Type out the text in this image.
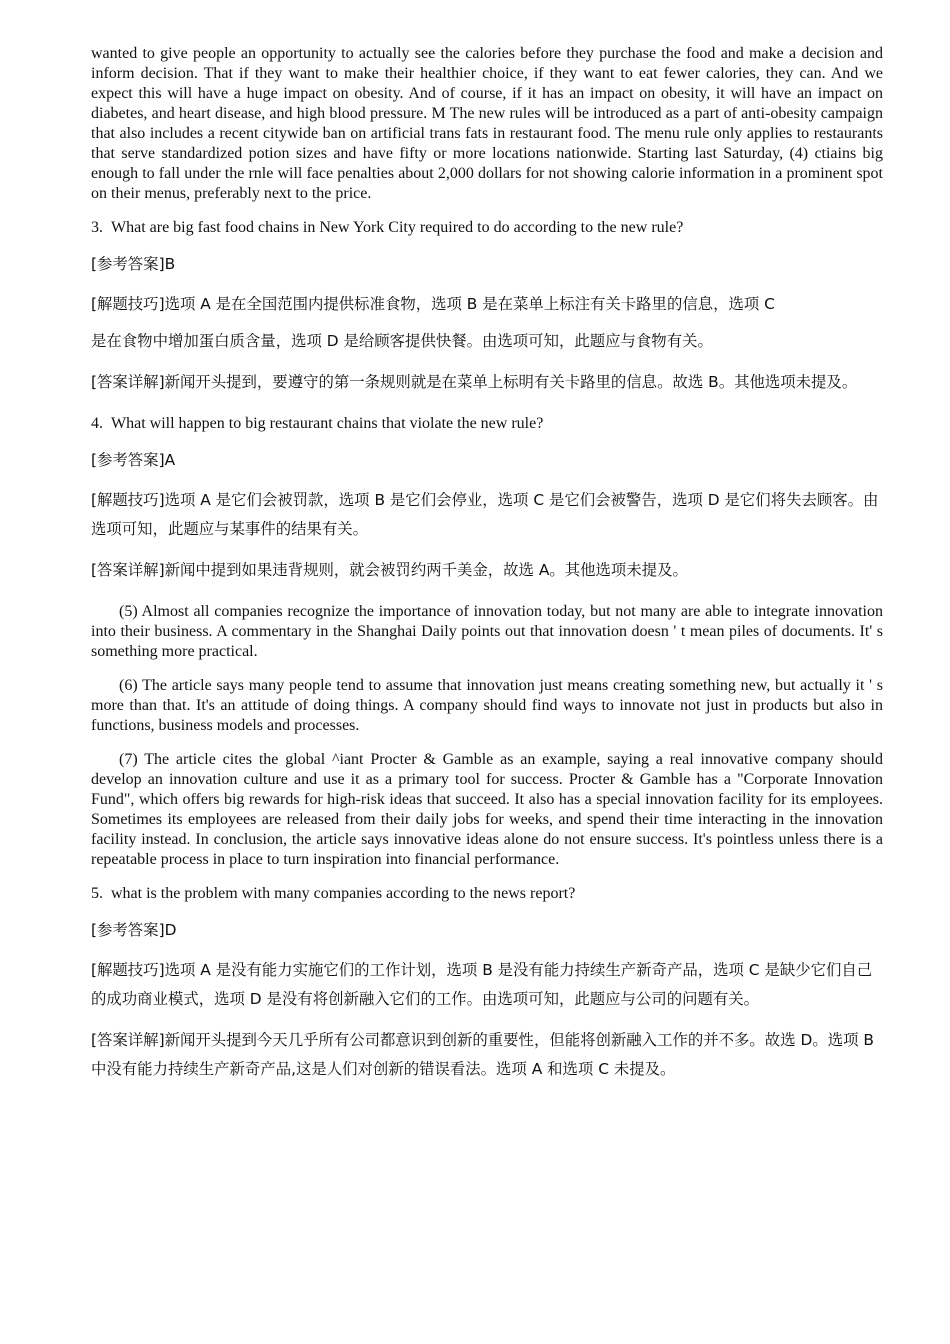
wanted to give people an opportunity to actually see the calories before they purchase the food and make a decision and inform decision. That if they want to make their healthier choice, if they want to eat fewer calories, they can. And we expect this will have a huge impact on obesity. And of course, if it has an impact on obesity, it will have an impact on diabetes, and heart disease, and high blood pressure. M The new rules will be introduced as a part of anti-obesity campaign that also includes a recent citywide ban on artificial trans fats in restaurant food. The menu rule only applies to restaurants that serve standardized potion sizes and have fifty or more locations nationwide. Starting last Saturday, (4) ctiains big enough to fall under the rnle will face penalties about 2,000 dollars for not showing calorie information in a prominent spot on their menus, preferably next to the price.

3. What are big fast food chains in New York City required to do according to the new rule?

[参考答案]B

[解题技巧]选项 A 是在全国范围内提供标准食物，选项 B 是在菜单上标注有关卡路里的信息，选项 C

是在食物中增加蛋白质含量，选项 D 是给顾客提供快餐。由选项可知，此题应与食物有关。

[答案详解]新闻开头提到，要遵守的第一条规则就是在菜单上标明有关卡路里的信息。故选 B。其他选项未提及。

4. What will happen to big restaurant chains that violate the new rule?

[参考答案]A

[解题技巧]选项 A 是它们会被罚款，选项 B 是它们会停业，选项 C 是它们会被警告，选项 D 是它们将失去顾客。由选项可知，此题应与某事件的结果有关。

[答案详解]新闻中提到如果违背规则，就会被罚约两千美金，故选 A。其他选项未提及。

(5) Almost all companies recognize the importance of innovation today, but not many are able to integrate innovation into their business. A commentary in the Shanghai Daily points out that innovation doesn ' t mean piles of documents. It' s something more practical.

(6) The article says many people tend to assume that innovation just means creating something new, but actually it ' s more than that. It's an attitude of doing things. A company should find ways to innovate not just in products but also in functions, business models and processes.

(7) The article cites the global ^iant Procter & Gamble as an example, saying a real innovative company should develop an innovation culture and use it as a primary tool for success. Procter & Gamble has a "Corporate Innovation Fund", which offers big rewards for high-risk ideas that succeed. It also has a special innovation facility for its employees. Sometimes its employees are released from their daily jobs for weeks, and spend their time interacting in the innovation facility instead. In conclusion, the article says innovative ideas alone do not ensure success. It's pointless unless there is a repeatable process in place to turn inspiration into financial performance.

5. what is the problem with many companies according to the news report?

[参考答案]D

[解题技巧]选项 A 是没有能力实施它们的工作计划，选项 B 是没有能力持续生产新奇产品，选项 C 是缺少它们自己的成功商业模式，选项 D 是没有将创新融入它们的工作。由选项可知，此题应与公司的问题有关。

[答案详解]新闻开头提到今天几乎所有公司都意识到创新的重要性，但能将创新融入工作的并不多。故选 D。选项 B 中没有能力持续生产新奇产品,这是人们对创新的错误看法。选项 A 和选项 C 未提及。
